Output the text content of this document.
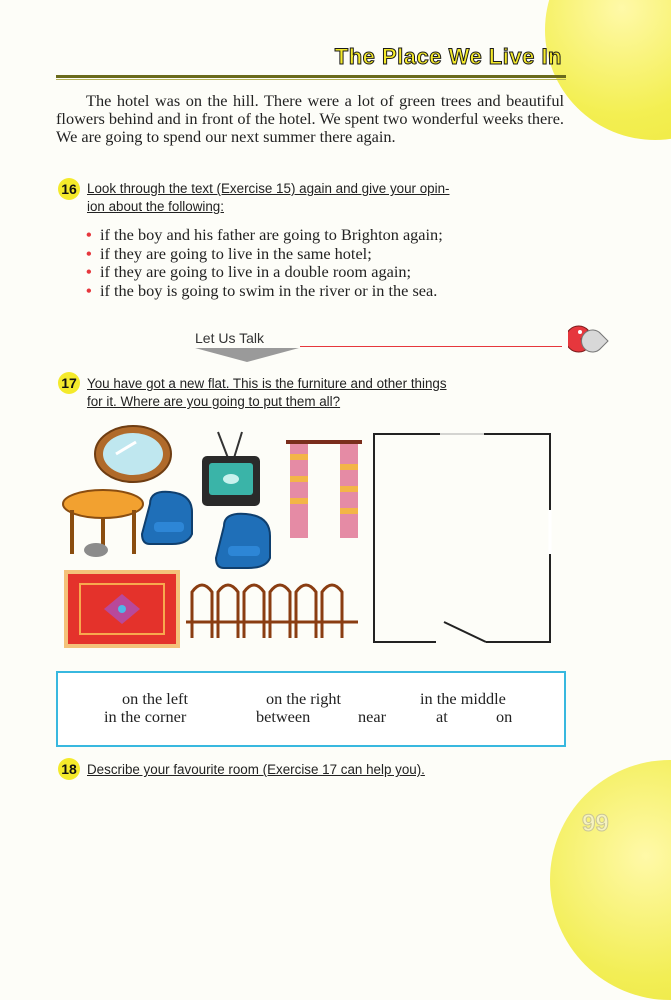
The Place We Live In
The hotel was on the hill. There were a lot of green trees and beautiful flowers behind and in front of the hotel. We spent two wonderful weeks there. We are going to spend our next summer there again.
16 Look through the text (Exercise 15) again and give your opin-
ion about the following:
• if the boy and his father are going to Brighton again;
• if they are going to live in the same hotel;
• if they are going to live in a double room again;
• if the boy is going to swim in the river or in the sea.
Let Us Talk
17 You have got a new flat. This is the furniture and other things
for it. Where are you going to put them all?
on the left	on the right	in the middle
in the corner	between	near	at	on
18 Describe your favourite room (Exercise 17 can help you).
99
